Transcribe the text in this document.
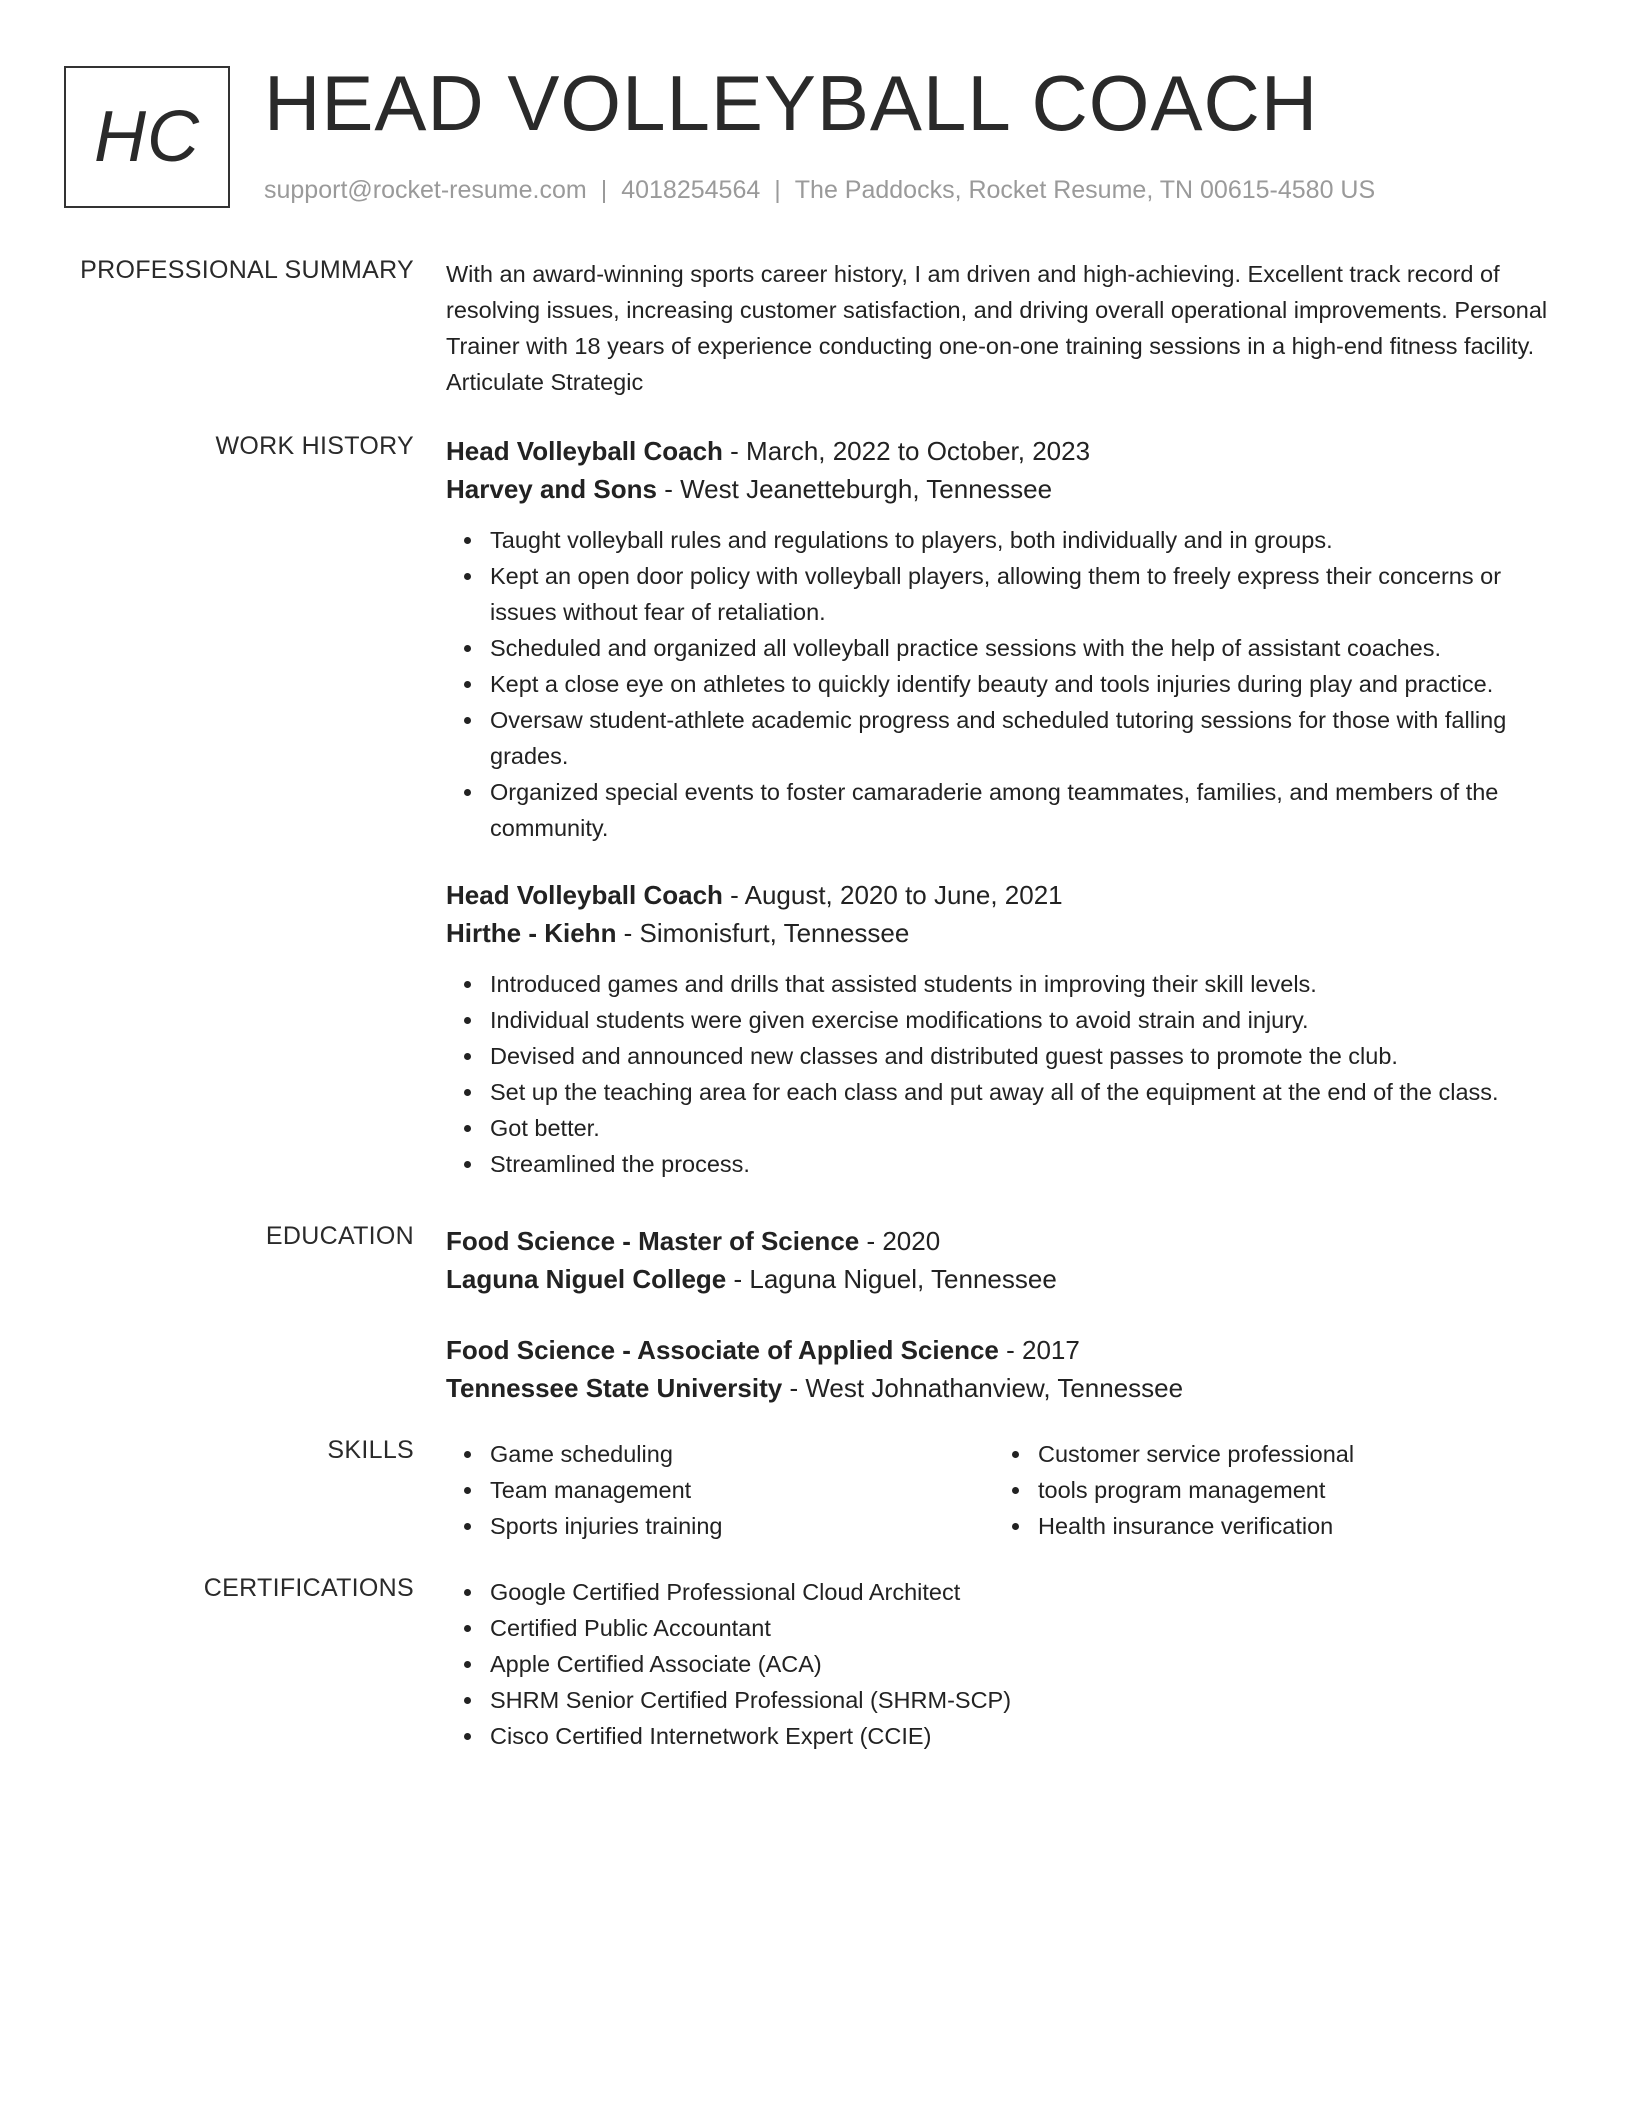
HC HEAD VOLLEYBALL COACH
support@rocket-resume.com | 4018254564 | The Paddocks, Rocket Resume, TN 00615-4580 US
PROFESSIONAL SUMMARY With an award-winning sports career history, I am driven and high-achieving. Excellent track record of resolving issues, increasing customer satisfaction, and driving overall operational improvements. Personal Trainer with 18 years of experience conducting one-on-one training sessions in a high-end fitness facility. Articulate Strategic
WORK HISTORY Head Volleyball Coach - March, 2022 to October, 2023
Harvey and Sons - West Jeanetteburgh, Tennessee
Taught volleyball rules and regulations to players, both individually and in groups.
Kept an open door policy with volleyball players, allowing them to freely express their concerns or issues without fear of retaliation.
Scheduled and organized all volleyball practice sessions with the help of assistant coaches.
Kept a close eye on athletes to quickly identify beauty and tools injuries during play and practice.
Oversaw student-athlete academic progress and scheduled tutoring sessions for those with falling grades.
Organized special events to foster camaraderie among teammates, families, and members of the community.
Head Volleyball Coach - August, 2020 to June, 2021
Hirthe - Kiehn - Simonisfurt, Tennessee
Introduced games and drills that assisted students in improving their skill levels.
Individual students were given exercise modifications to avoid strain and injury.
Devised and announced new classes and distributed guest passes to promote the club.
Set up the teaching area for each class and put away all of the equipment at the end of the class.
Got better.
Streamlined the process.
EDUCATION Food Science - Master of Science - 2020
Laguna Niguel College - Laguna Niguel, Tennessee
Food Science - Associate of Applied Science - 2017
Tennessee State University - West Johnathanview, Tennessee
SKILLS	Game scheduling
Team management
Sports injuries training
Customer service professional
tools program management
Health insurance verification
CERTIFICATIONS	Google Certified Professional Cloud Architect
Certified Public Accountant
Apple Certified Associate (ACA)
SHRM Senior Certified Professional (SHRM-SCP)
Cisco Certified Internetwork Expert (CCIE)
